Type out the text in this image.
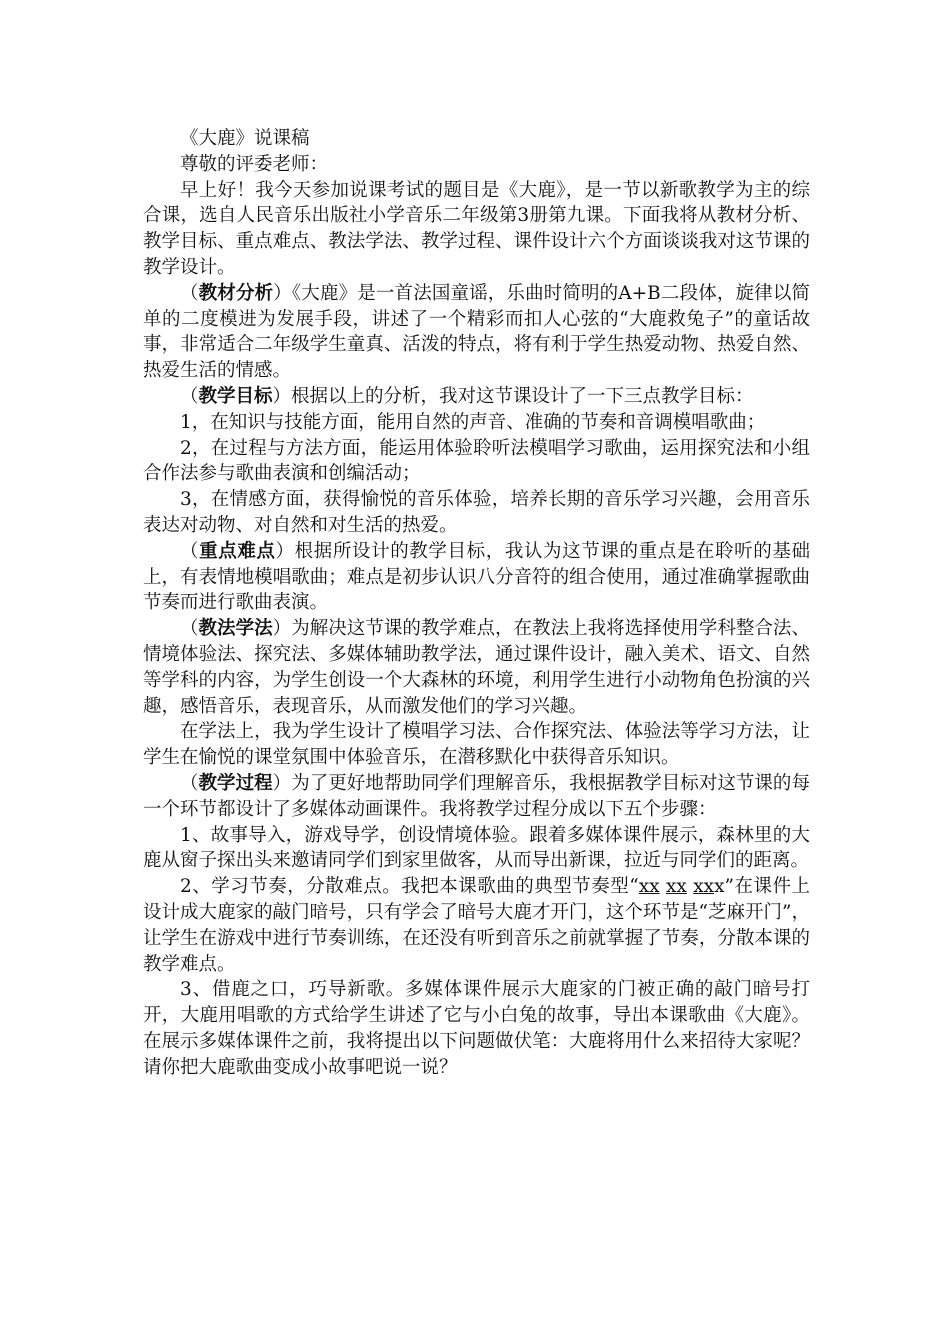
《大鹿》说课稿

尊敬的评委老师：

早上好！我今天参加说课考试的题目是《大鹿》，是一节以新歌教学为主的综合课，选自人民音乐出版社小学音乐二年级第3册第九课。下面我将从教材分析、教学目标、重点难点、教法学法、教学过程、课件设计六个方面谈谈我对这节课的教学设计。

（教材分析）《大鹿》是一首法国童谣，乐曲时简明的A+B二段体，旋律以简单的二度模进为发展手段，讲述了一个精彩而扣人心弦的“大鹿救兔子”的童话故事，非常适合二年级学生童真、活泼的特点，将有利于学生热爱动物、热爱自然、热爱生活的情感。

（教学目标）根据以上的分析，我对这节课设计了一下三点教学目标：

1，在知识与技能方面，能用自然的声音、准确的节奏和音调模唱歌曲；

2，在过程与方法方面，能运用体验聆听法模唱学习歌曲，运用探究法和小组合作法参与歌曲表演和创编活动；

3，在情感方面，获得愉悦的音乐体验，培养长期的音乐学习兴趣，会用音乐表达对动物、对自然和对生活的热爱。

（重点难点）根据所设计的教学目标，我认为这节课的重点是在聆听的基础上，有表情地模唱歌曲；难点是初步认识八分音符的组合使用，通过准确掌握歌曲节奏而进行歌曲表演。

（教法学法）为解决这节课的教学难点，在教法上我将选择使用学科整合法、情境体验法、探究法、多媒体辅助教学法，通过课件设计，融入美术、语文、自然等学科的内容，为学生创设一个大森林的环境，利用学生进行小动物角色扮演的兴趣，感悟音乐，表现音乐，从而激发他们的学习兴趣。

在学法上，我为学生设计了模唱学习法、合作探究法、体验法等学习方法，让学生在愉悦的课堂氛围中体验音乐，在潜移默化中获得音乐知识。

（教学过程）为了更好地帮助同学们理解音乐，我根据教学目标对这节课的每一个环节都设计了多媒体动画课件。我将教学过程分成以下五个步骤：

1、故事导入，游戏导学，创设情境体验。跟着多媒体课件展示，森林里的大鹿从窗子探出头来邀请同学们到家里做客，从而导出新课，拉近与同学们的距离。

2、学习节奏，分散难点。我把本课歌曲的典型节奏型“xx xx xxx”在课件上设计成大鹿家的敲门暗号，只有学会了暗号大鹿才开门，这个环节是“芝麻开门”，让学生在游戏中进行节奏训练，在还没有听到音乐之前就掌握了节奏，分散本课的教学难点。

3、借鹿之口，巧导新歌。多媒体课件展示大鹿家的门被正确的敲门暗号打开，大鹿用唱歌的方式给学生讲述了它与小白兔的故事，导出本课歌曲《大鹿》。在展示多媒体课件之前，我将提出以下问题做伏笔：大鹿将用什么来招待大家呢？请你把大鹿歌曲变成小故事吧说一说？
